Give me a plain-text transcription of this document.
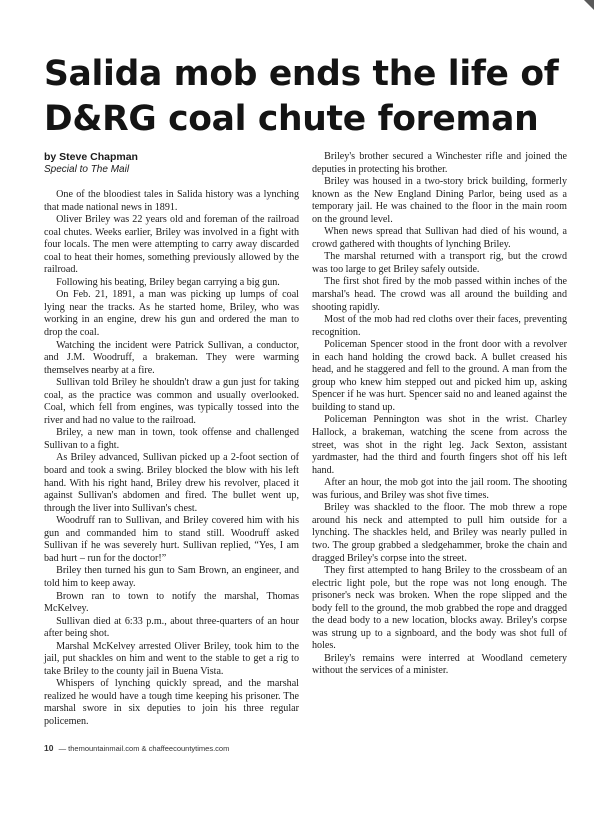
Salida mob ends the life of D&RG coal chute foreman

by Steve Chapman

Special to The Mail

One of the bloodiest tales in Salida history was a lynching that made national news in 1891.

Oliver Briley was 22 years old and foreman of the railroad coal chutes. Weeks earlier, Briley was involved in a fight with four locals. The men were attempting to carry away discarded coal to heat their homes, something previously allowed by the railroad.

Following his beating, Briley began carrying a big gun.

On Feb. 21, 1891, a man was picking up lumps of coal lying near the tracks. As he started home, Briley, who was working in an engine, drew his gun and ordered the man to drop the coal.

Watching the incident were Patrick Sullivan, a conductor, and J.M. Woodruff, a brakeman. They were warming themselves nearby at a fire.

Sullivan told Briley he shouldn't draw a gun just for taking coal, as the practice was common and usually overlooked. Coal, which fell from engines, was typically tossed into the river and had no value to the railroad.

Briley, a new man in town, took offense and challenged Sullivan to a fight.

As Briley advanced, Sullivan picked up a 2-foot section of board and took a swing. Briley blocked the blow with his left hand. With his right hand, Briley drew his revolver, placed it against Sullivan's abdomen and fired. The bullet went up, through the liver into Sullivan's chest.

Woodruff ran to Sullivan, and Briley covered him with his gun and commanded him to stand still. Woodruff asked Sullivan if he was severely hurt. Sullivan replied, “Yes, I am bad hurt – run for the doctor!”

Briley then turned his gun to Sam Brown, an engineer, and told him to keep away.

Brown ran to town to notify the marshal, Thomas McKelvey.

Sullivan died at 6:33 p.m., about three-quarters of an hour after being shot.

Marshal McKelvey arrested Oliver Briley, took him to the jail, put shackles on him and went to the stable to get a rig to take Briley to the county jail in Buena Vista.

Whispers of lynching quickly spread, and the marshal realized he would have a tough time keeping his prisoner. The marshal swore in six deputies to join his three regular policemen.

Briley's brother secured a Winchester rifle and joined the deputies in protecting his brother.

Briley was housed in a two-story brick building, formerly known as the New England Dining Parlor, being used as a temporary jail. He was chained to the floor in the main room on the ground level.

When news spread that Sullivan had died of his wound, a crowd gathered with thoughts of lynching Briley.

The marshal returned with a transport rig, but the crowd was too large to get Briley safely outside.

The first shot fired by the mob passed within inches of the marshal's head. The crowd was all around the building and shooting rapidly.

Most of the mob had red cloths over their faces, preventing recognition.

Policeman Spencer stood in the front door with a revolver in each hand holding the crowd back. A bullet creased his head, and he staggered and fell to the ground. A man from the group who knew him stepped out and picked him up, asking Spencer if he was hurt. Spencer said no and leaned against the building to stand up.

Policeman Pennington was shot in the wrist. Charley Hallock, a brakeman, watching the scene from across the street, was shot in the right leg. Jack Sexton, assistant yardmaster, had the third and fourth fingers shot off his left hand.

After an hour, the mob got into the jail room. The shooting was furious, and Briley was shot five times.

Briley was shackled to the floor. The mob threw a rope around his neck and attempted to pull him outside for a lynching. The shackles held, and Briley was nearly pulled in two. The group grabbed a sledgehammer, broke the chain and dragged Briley's corpse into the street.

They first attempted to hang Briley to the crossbeam of an electric light pole, but the rope was not long enough. The prisoner's neck was broken. When the rope slipped and the body fell to the ground, the mob grabbed the rope and dragged the dead body to a new location, blocks away. Briley's corpse was strung up to a signboard, and the body was shot full of holes.

Briley's remains were interred at Woodland cemetery without the services of a minister.

10 — themountainmail.com & chaffeecountytimes.com
